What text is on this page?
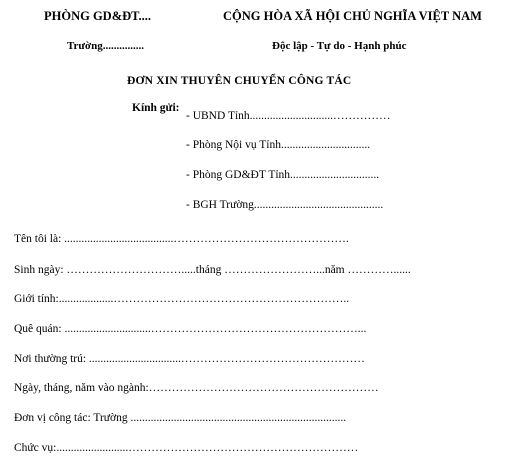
PHÒNG GD&ĐT....	CỘNG HÒA XÃ HỘI CHỦ NGHĨA VIỆT NAM
Trường...............	Độc lập - Tự do - Hạnh phúc
ĐƠN XIN THUYÊN CHUYỂN CÔNG TÁC
Kính gửi:
- UBND Tỉnh.............................……………
- Phòng Nội vụ Tỉnh...............................
- Phòng GD&ĐT Tỉnh...............................
- BGH Trường.............................................
Tên tôi là: ......................................……………………………………….
Sinh ngày: ………………………….....tháng ……………………...năm …………......
Giới tính:...................……………………………………………………..
Quê quán: ..............................………………………………………………...
Nơi thường trú: ................................…………………………………………
Ngày, tháng, năm vào ngành:……………………………………………………
Đơn vị công tác: Trường ...........................................................................
Chức vụ:.........................……………………………………………………
